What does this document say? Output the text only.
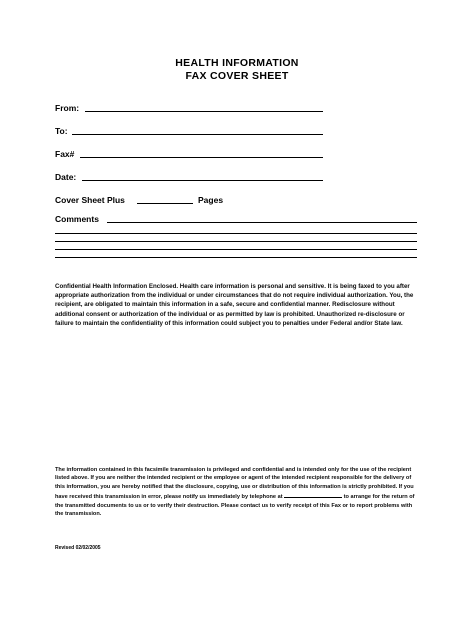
HEALTH INFORMATION
FAX COVER SHEET
From:
To:
Fax#
Date:
Cover Sheet Plus	Pages
Comments
Confidential Health Information Enclosed. Health care information is personal and sensitive. It is being faxed to you after appropriate authorization from the individual or under circumstances that do not require individual authorization. You, the recipient, are obligated to maintain this information in a safe, secure and confidential manner. Redisclosure without additional consent or authorization of the individual or as permitted by law is prohibited. Unauthorized re-disclosure or failure to maintain the confidentiality of this information could subject you to penalties under Federal and/or State law.
The information contained in this facsimile transmission is privileged and confidential and is intended only for the use of the recipient listed above. If you are neither the intended recipient or the employee or agent of the intended recipient responsible for the delivery of this information, you are hereby notified that the disclosure, copying, use or distribution of this information is strictly prohibited. If you have received this transmission in error, please notify us immediately by telephone at	to arrange for the return of the transmitted documents to us or to verify their destruction. Please contact us to verify receipt of this Fax or to report problems with the transmission.
Revised 02/02/2005
